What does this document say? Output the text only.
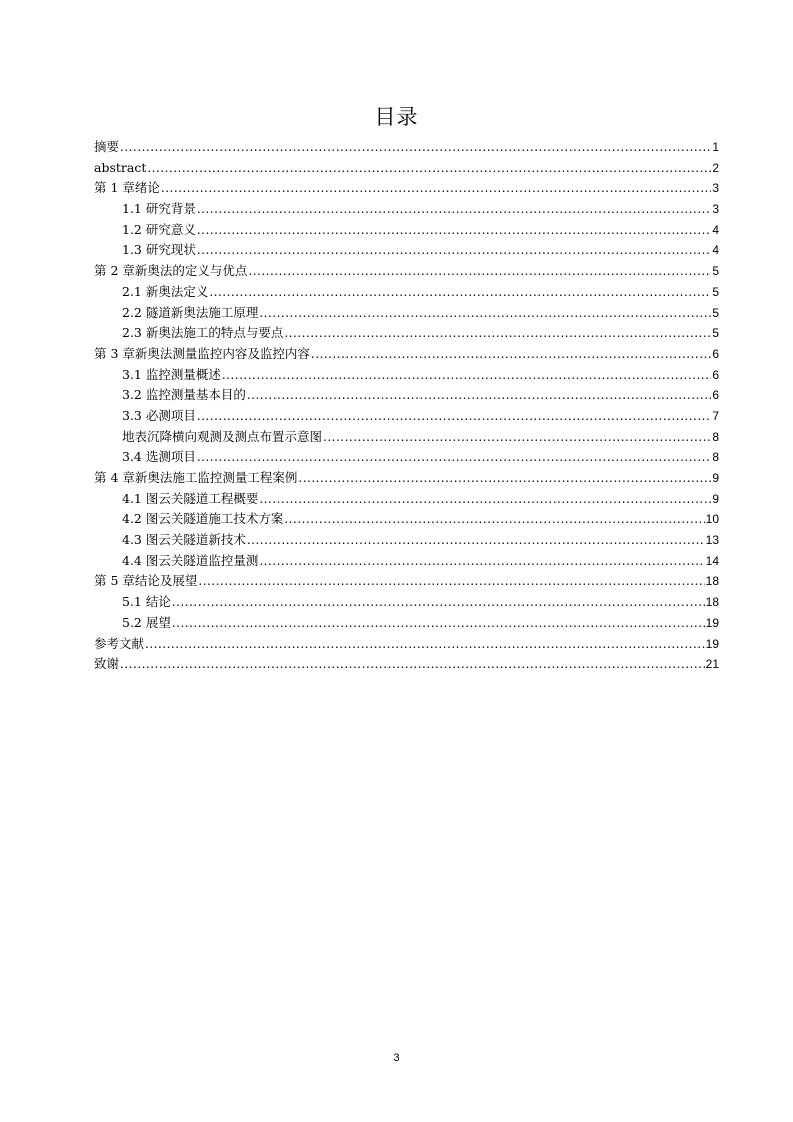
目录
摘要 .....	1
abstract .....	2
第 1 章绪论 .....	3
1.1 研究背景 .....	3
1.2 研究意义 .....	4
1.3 研究现状 .....	4
第 2 章新奥法的定义与优点 .....	5
2.1 新奥法定义 .....	5
2.2 隧道新奥法施工原理 .....	5
2.3 新奥法施工的特点与要点 .....	5
第 3 章新奥法测量监控内容及监控内容 .....	6
3.1 监控测量概述 .....	6
3.2 监控测量基本目的 .....	6
3.3 必测项目 .....	7
地表沉降横向观测及测点布置示意图 .....	8
3.4 选测项目 .....	8
第 4 章新奥法施工监控测量工程案例 .....	9
4.1 图云关隧道工程概要 .....	9
4.2 图云关隧道施工技术方案 .....	10
4.3 图云关隧道新技术 .....	13
4.4 图云关隧道监控量测 .....	14
第 5 章结论及展望 .....	18
5.1 结论 .....	18
5.2 展望 .....	19
参考文献 .....	19
致谢 .....	21
3
